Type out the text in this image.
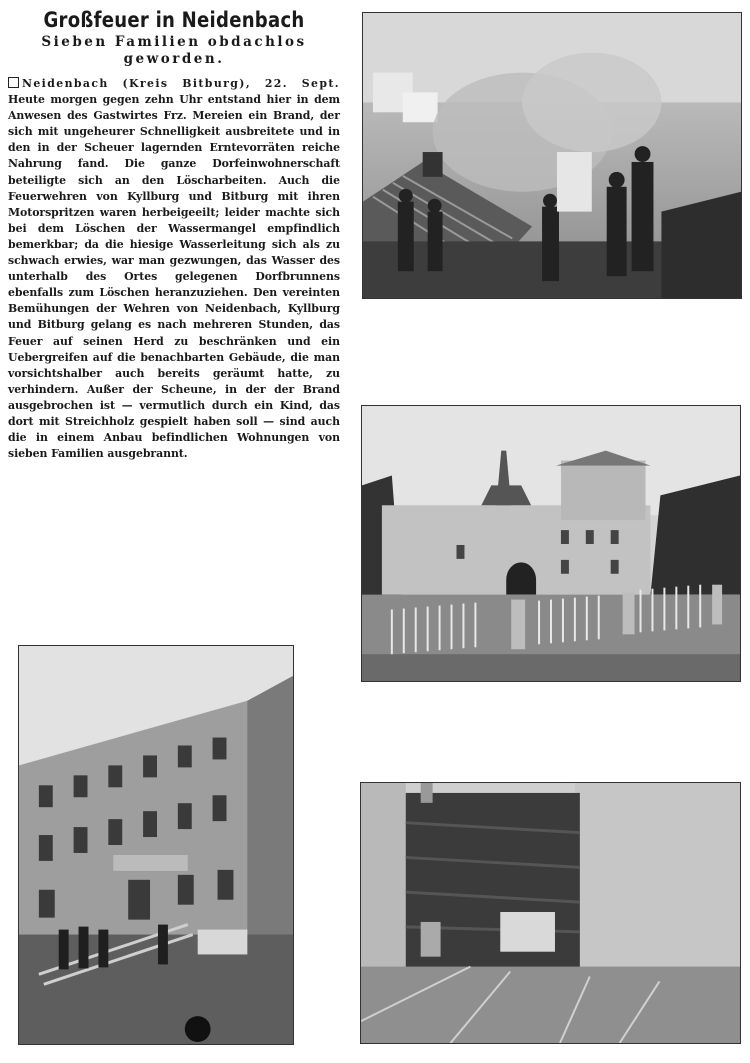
Großfeuer in Neidenbach
Sieben Familien obdachlos
geworden.

Neidenbach (Kreis Bitburg), 22. Sept. Heute morgen gegen zehn Uhr entstand hier in dem Anwesen des Gastwirtes Frz. Mereien ein Brand, der sich mit ungeheurer Schnelligkeit ausbreitete und in den in der Scheuer lagernden Erntevorräten reiche Nahrung fand. Die ganze Dorfeinwohnerschaft beteiligte sich an den Löscharbeiten. Auch die Feuerwehren von Kyllburg und Bitburg mit ihren Motorspritzen waren herbeigeeilt; leider machte sich bei dem Löschen der Wassermangel empfindlich bemerkbar; da die hiesige Wasserleitung sich als zu schwach erwies, war man gezwungen, das Wasser des unterhalb des Ortes gelegenen Dorfbrunnens ebenfalls zum Löschen heranzuziehen. Den vereinten Bemühungen der Wehren von Neidenbach, Kyllburg und Bitburg gelang es nach mehreren Stunden, das Feuer auf seinen Herd zu beschränken und ein Uebergreifen auf die benachbarten Gebäude, die man vorsichtshalber auch bereits geräumt hatte, zu verhindern. Außer der Scheune, in der der Brand ausgebrochen ist — vermutlich durch ein Kind, das dort mit Streichholz gespielt haben soll — sind auch die in einem Anbau befindlichen Wohnungen von sieben Familien ausgebrannt.
